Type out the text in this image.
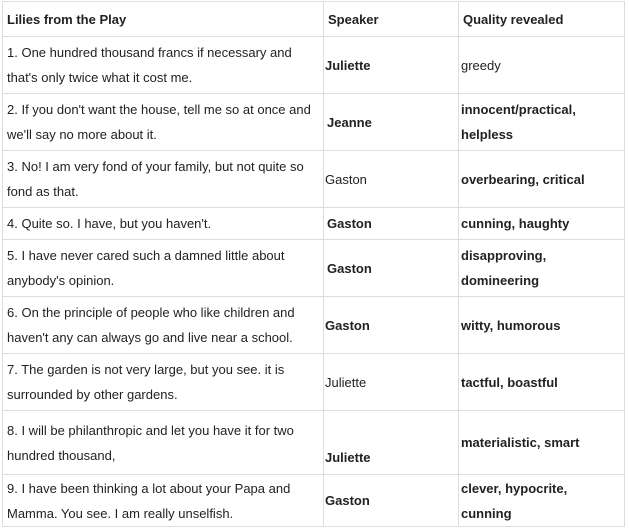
Lilies from the Play	Speaker	Quality revealed
1. One hundred thousand francs if necessary and that's only twice what it cost me.	Juliette	greedy
2. If you don't want the house, tell me so at once and we'll say no more about it.	Jeanne	innocent/practical, helpless
3. No! I am very fond of your family, but not quite so fond as that.	Gaston	overbearing, critical
4. Quite so. I have, but you haven't.	Gaston	cunning, haughty
5. I have never cared such a damned little about anybody's opinion.	Gaston	disapproving, domineering
6. On the principle of people who like children and haven't any can always go and live near a school.	Gaston	witty, humorous
7. The garden is not very large, but you see. it is surrounded by other gardens.	Juliette	tactful, boastful
8. I will be philanthropic and let you have it for two hundred thousand,	Juliette	materialistic, smart
9. I have been thinking a lot about your Papa and Mamma. You see. I am really unselfish.	Gaston	clever, hypocrite, cunning
